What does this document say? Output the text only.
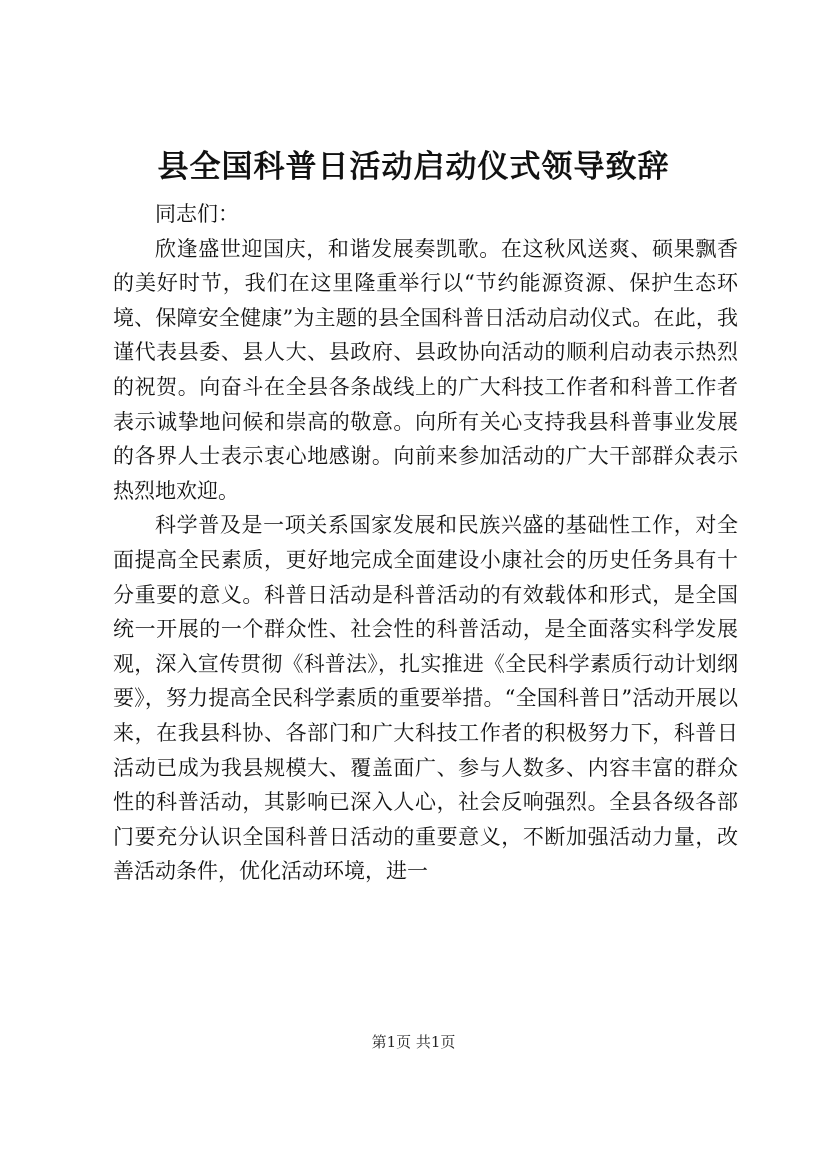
县全国科普日活动启动仪式领导致辞

同志们：

欣逢盛世迎国庆，和谐发展奏凯歌。在这秋风送爽、硕果飘香的美好时节，我们在这里隆重举行以“节约能源资源、保护生态环境、保障安全健康”为主题的县全国科普日活动启动仪式。在此，我谨代表县委、县人大、县政府、县政协向活动的顺利启动表示热烈的祝贺。向奋斗在全县各条战线上的广大科技工作者和科普工作者表示诚挚地问候和崇高的敬意。向所有关心支持我县科普事业发展的各界人士表示衷心地感谢。向前来参加活动的广大干部群众表示热烈地欢迎。

科学普及是一项关系国家发展和民族兴盛的基础性工作，对全面提高全民素质，更好地完成全面建设小康社会的历史任务具有十分重要的意义。科普日活动是科普活动的有效载体和形式，是全国统一开展的一个群众性、社会性的科普活动，是全面落实科学发展观，深入宣传贯彻《科普法》，扎实推进《全民科学素质行动计划纲要》，努力提高全民科学素质的重要举措。“全国科普日”活动开展以来，在我县科协、各部门和广大科技工作者的积极努力下，科普日活动已成为我县规模大、覆盖面广、参与人数多、内容丰富的群众性的科普活动，其影响已深入人心，社会反响强烈。全县各级各部门要充分认识全国科普日活动的重要意义，不断加强活动力量，改善活动条件，优化活动环境，进一

第1页 共1页
